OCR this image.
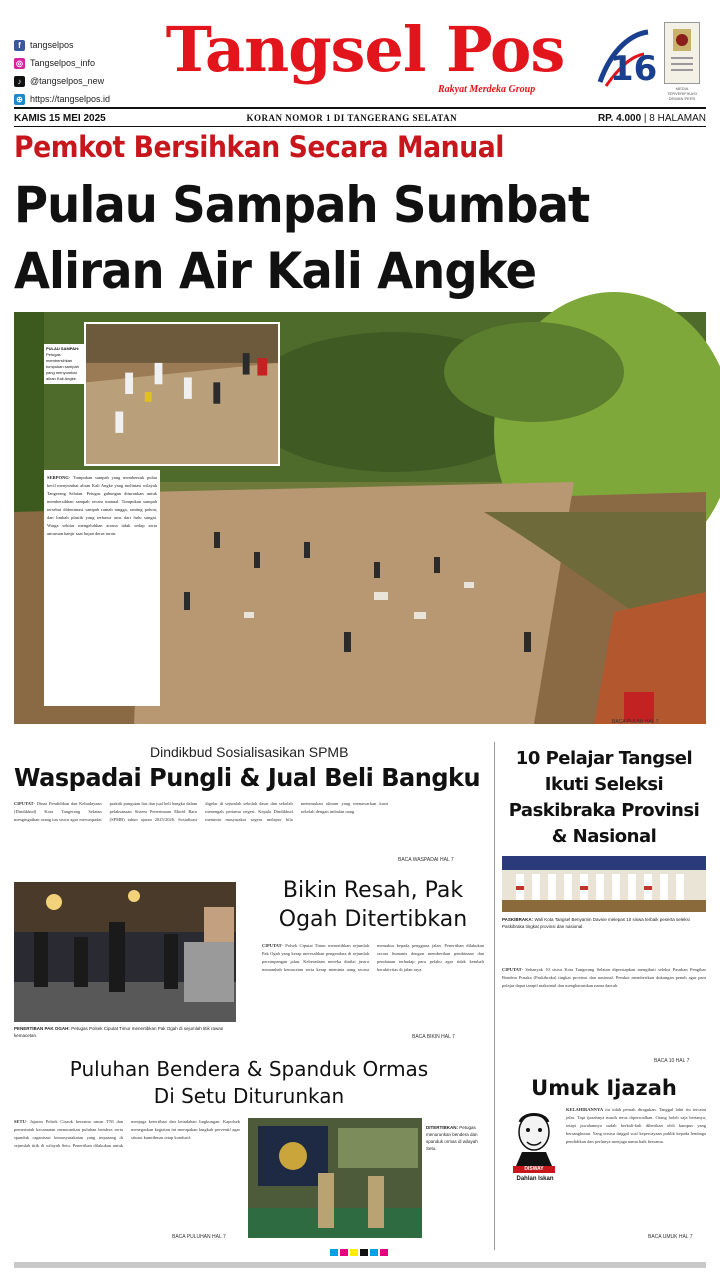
f	tangselpos
◎ Tangselpos_info
♪ @tangselpos_new
⊕ https://tangselpos.id
Tangsel Pos
Rakyat Merdeka Group
16	MEDIA TERVERIFIKASI DEWAN PERS
KAMIS 15 MEI 2025	KORAN NOMOR 1 DI TANGERANG SELATAN	RP. 4.000 | 8 HALAMAN
Pemkot Bersihkan Secara Manual
Pulau Sampah Sumbat
Aliran Air Kali Angke
PULAU SAMPAH: Petugas membersihkan tumpukan sampah yang menyumbat aliran Kali Angke.
SERPONG- Tumpukan sampah yang membentuk pulau kecil menyumbat aliran Kali Angke yang melintasi wilayah Tangerang Selatan. Petugas gabungan diturunkan untuk membersihkan sampah secara manual. Tumpukan sampah tersebut didominasi sampah rumah tangga, ranting pohon, dan limbah plastik yang terbawa arus dari hulu sungai. Warga sekitar mengeluhkan aroma tidak sedap serta ancaman banjir saat hujan deras turun.
BACA PULAU HAL 7
Dindikbud Sosialisasikan SPMB
Waspadai Pungli & Jual Beli Bangku
CIPUTAT- Dinas Pendidikan dan Kebudayaan (Dindikbud) Kota Tangerang Selatan mengingatkan orang tua siswa agar mewaspadai praktik pungutan liar dan jual beli bangku dalam pelaksanaan Sistem Penerimaan Murid Baru (SPMB) tahun ajaran 2025/2026. Sosialisasi digelar di sejumlah sekolah dasar dan sekolah menengah pertama negeri. Kepala Dindikbud meminta masyarakat segera melapor bila menemukan oknum yang menawarkan kursi sekolah dengan imbalan uang.
BACA WASPADAI HAL 7
PENERTIBAN PAK OGAH: Petugas Polsek Ciputat Timur menertibkan Pak Ogah di sejumlah titik rawan kemacetan.
Bikin Resah, Pak
Ogah Ditertibkan
CIPUTAT- Polsek Ciputat Timur menertibkan sejumlah Pak Ogah yang kerap meresahkan pengendara di sejumlah persimpangan jalan. Keberadaan mereka dinilai justru menambah kemacetan serta kerap meminta uang secara memaksa kepada pengguna jalan. Penertiban dilakukan secara humanis dengan memberikan pembinaan dan pendataan terhadap para pelaku agar tidak kembali beraktivitas di jalan raya.
BACA BIKIN HAL 7
Puluhan Bendera & Spanduk Ormas
Di Setu Diturunkan
SETU- Jajaran Polsek Cisauk bersama unsur TNI dan pemerintah kecamatan menurunkan puluhan bendera serta spanduk organisasi kemasyarakatan yang terpasang di sejumlah titik di wilayah Setu. Penertiban dilakukan untuk menjaga ketertiban dan keindahan lingkungan. Kapolsek menegaskan kegiatan ini merupakan langkah preventif agar situasi kamtibmas tetap kondusif.
BACA PULUHAN HAL 7
DITERTIBKAN: Petugas menurunkan bendera dan spanduk ormas di wilayah Setu.
10 Pelajar Tangsel
Ikuti Seleksi
Paskibraka Provinsi
& Nasional
PASKIBRAKA: Wali Kota Tangsel Benyamin Davnie melepas 10 siswa terbaik peserta seleksi Paskibraka tingkat provinsi dan nasional.
CIPUTAT- Sebanyak 10 siswa Kota Tangerang Selatan dipersiapkan mengikuti seleksi Pasukan Pengibar Bendera Pusaka (Paskibraka) tingkat provinsi dan nasional. Pemkot memberikan dukungan penuh agar para pelajar dapat tampil maksimal dan mengharumkan nama daerah.
BACA 10 HAL 7
Umuk Ijazah
DISWAY
Dahlan Iskan
KELAHIRANNYA itu tidak pernah diragukan. Tanggal lahir itu tercatat jelas. Tapi ijazahnya masih terus dipersoalkan. Orang boleh saja bertanya, tetapi jawabannya sudah berkali-kali diberikan oleh kampus yang bersangkutan. Yang tersisa tinggal soal kepercayaan publik kepada lembaga pendidikan dan perlunya menjaga nama baik bersama.
BACA UMUK HAL 7
